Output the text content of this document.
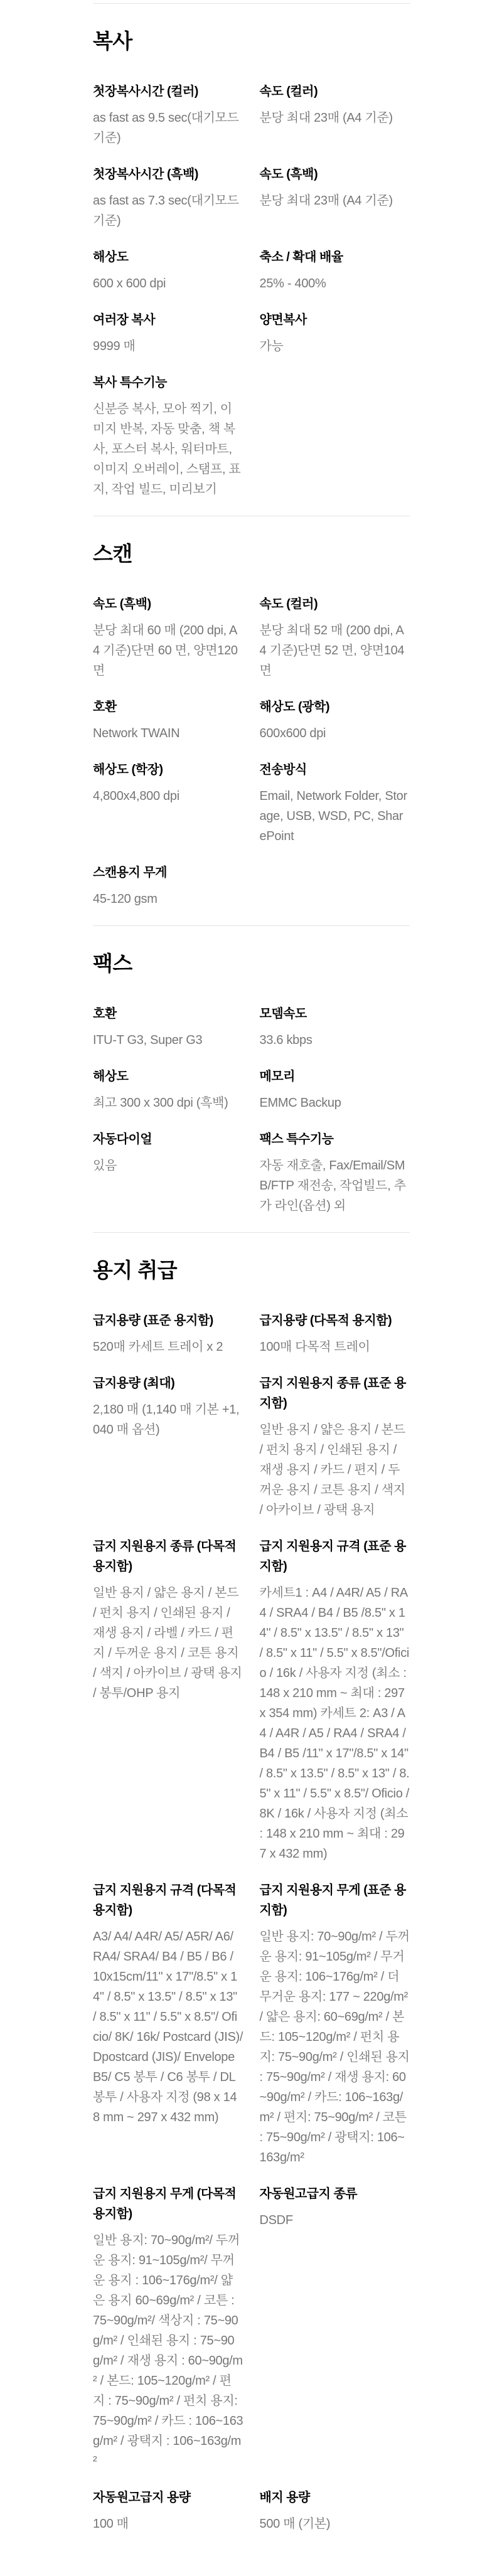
복사
첫장복사시간 (컬러)

as fast as 9.5 sec(대기모드 기준)

속도 (컬러)

분당 최대 23매 (A4 기준)

첫장복사시간 (흑백)

as fast as 7.3 sec(대기모드 기준)

속도 (흑백)

분당 최대 23매 (A4 기준)

해상도

600 x 600 dpi

축소 / 확대 배율

25% - 400%

여러장 복사

9999 매

양면복사

가능

복사 특수기능

신분증 복사, 모아 찍기, 이미지 반복, 자동 맞춤, 책 복사, 포스터 복사, 워터마트, 이미지 오버레이, 스탬프, 표지, 작업 빌드, 미리보기

스캔
속도 (흑백)

분당 최대 60 매 (200 dpi, A4 기준)단면 60 면, 양면120 면

속도 (컬러)

분당 최대 52 매 (200 dpi, A4 기준)단면 52 면, 양면104 면

호환

Network TWAIN

해상도 (광학)

600x600 dpi

해상도 (학장)

4,800x4,800 dpi

전송방식

Email, Network Folder, Storage, USB, WSD, PC, SharePoint

스캔용지 무게

45-120 gsm

팩스
호환

ITU-T G3, Super G3

모뎀속도

33.6 kbps

해상도

최고 300 x 300 dpi (흑백)

메모리

EMMC Backup

자동다이얼

있음

팩스 특수기능

자동 재호출, Fax/Email/SMB/FTP 재전송, 작업빌드, 추가 라인(옵션) 외

용지 취급
급지용량 (표준 용지함)

520매 카세트 트레이 x 2

급지용량 (다목적 용지함)

100매 다목적 트레이

급지용량 (최대)

2,180 매 (1,140 매 기본 +1,040 매 옵션)

급지 지원용지 종류 (표준 용지함)

일반 용지 / 얇은 용지 / 본드 / 펀치 용지 / 인쇄된 용지 / 재생 용지 / 카드 / 편지 / 두꺼운 용지 / 코튼 용지 / 색지 / 아카이브 / 광택 용지

급지 지원용지 종류 (다목적 용지함)

일반 용지 / 얇은 용지 / 본드 / 펀치 용지 / 인쇄된 용지 / 재생 용지 / 라벨 / 카드 / 편지 / 두꺼운 용지 / 코튼 용지 / 색지 / 아카이브 / 광택 용지 / 봉투/OHP 용지

급지 지원용지 규격 (표준 용지함)

카세트1 : A4 / A4R/ A5 / RA4 / SRA4 / B4 / B5 /8.5" x 14" / 8.5" x 13.5" / 8.5" x 13" / 8.5" x 11" / 5.5" x 8.5"/Oficio / 16k / 사용자 지정 (최소 : 148 x 210 mm ~ 최대 : 297 x 354 mm) 카세트 2: A3 / A4 / A4R / A5 / RA4 / SRA4 / B4 / B5 /11" x 17"/8.5" x 14" / 8.5" x 13.5" / 8.5" x 13" / 8.5" x 11" / 5.5" x 8.5"/ Oficio / 8K / 16k / 사용자 지정 (최소 : 148 x 210 mm ~ 최대 : 297 x 432 mm)

급지 지원용지 규격 (다목적 용지함)

A3/ A4/ A4R/ A5/ A5R/ A6/ RA4/ SRA4/ B4 / B5 / B6 / 10x15cm/11" x 17"/8.5" x 14" / 8.5" x 13.5" / 8.5" x 13" / 8.5" x 11" / 5.5" x 8.5"/ Oficio/ 8K/ 16k/ Postcard (JIS)/ Dpostcard (JIS)/ Envelope B5/ C5 봉투 / C6 봉투 / DL 봉투 / 사용자 지정 (98 x 148 mm ~ 297 x 432 mm)

급지 지원용지 무게 (표준 용지함)

일반 용지: 70~90g/m² / 두꺼운 용지: 91~105g/m² / 무거운 용지: 106~176g/m² / 더 무거운 용지: 177 ~ 220g/m² / 얇은 용지: 60~69g/m² / 본드: 105~120g/m² / 펀치 용지: 75~90g/m² / 인쇄된 용지 : 75~90g/m² / 재생 용지: 60~90g/m² / 카드: 106~163g/m² / 편지: 75~90g/m² / 코튼 : 75~90g/m² / 광택지: 106~163g/m²

급지 지원용지 무게 (다목적 용지함)

일반 용지: 70~90g/m²/ 두꺼운 용지: 91~105g/m²/ 무꺼운 용지 : 106~176g/m²/ 얇은 용지 60~69g/m² / 코튼 : 75~90g/m²/ 색상지 : 75~90g/m² / 인쇄된 용지 : 75~90g/m² / 재생 용지 : 60~90g/m² / 본드: 105~120g/m² / 편지 : 75~90g/m² / 펀치 용지: 75~90g/m² / 카드 : 106~163g/m² / 광택지 : 106~163g/m²

자동원고급지 종류

DSDF

자동원고급지 용량

100 매

배지 용량

500 매 (기본)
